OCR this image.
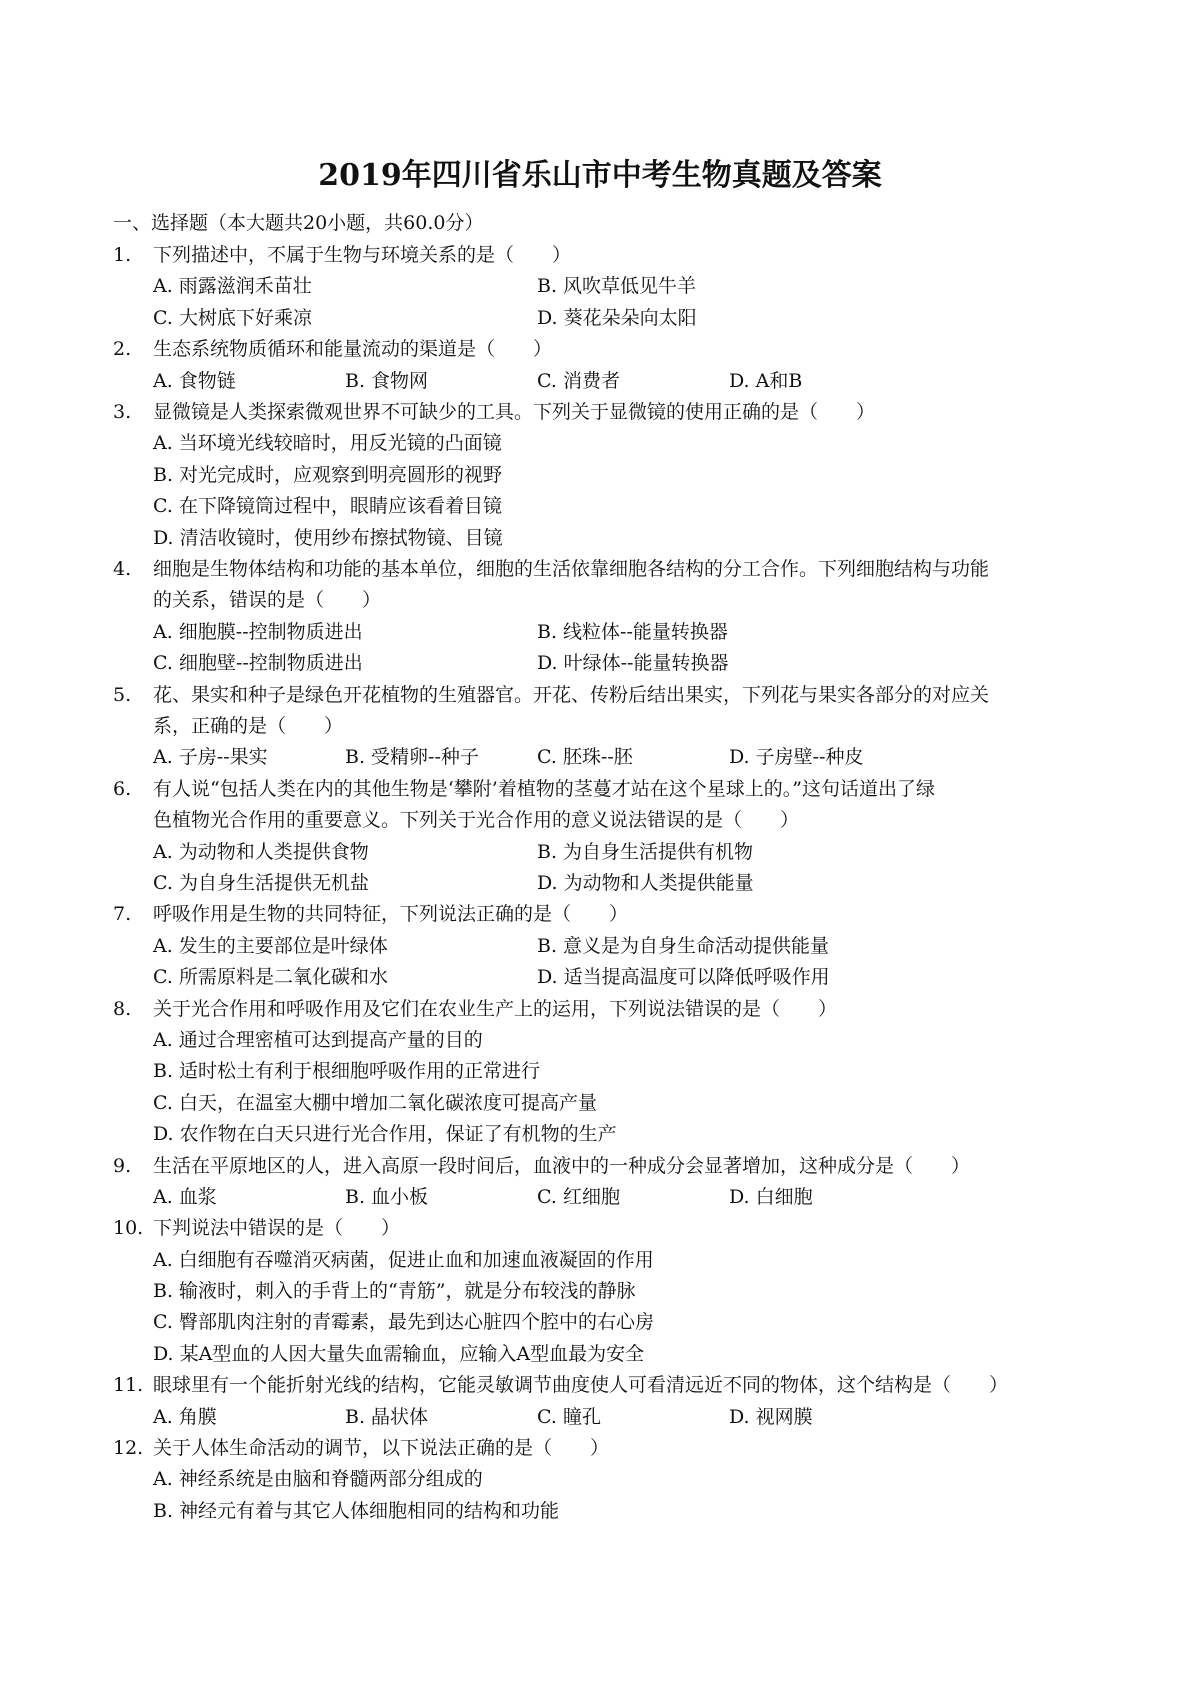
2019年四川省乐山市中考生物真题及答案
一、选择题（本大题共20小题，共60.0分）
1. 下列描述中，不属于生物与环境关系的是（　　）
A. 雨露滋润禾苗壮	B. 风吹草低见牛羊
C. 大树底下好乘凉	D. 葵花朵朵向太阳
2. 生态系统物质循环和能量流动的渠道是（　　）
A. 食物链	B. 食物网	C. 消费者	D. A和B
3. 显微镜是人类探索微观世界不可缺少的工具。下列关于显微镜的使用正确的是（　　）
A. 当环境光线较暗时，用反光镜的凸面镜
B. 对光完成时，应观察到明亮圆形的视野
C. 在下降镜筒过程中，眼睛应该看着目镜
D. 清洁收镜时，使用纱布擦拭物镜、目镜
4. 细胞是生物体结构和功能的基本单位，细胞的生活依靠细胞各结构的分工合作。下列细胞结构与功能
的关系，错误的是（　　）
A. 细胞膜--控制物质进出	B. 线粒体--能量转换器
C. 细胞壁--控制物质进出	D. 叶绿体--能量转换器
5. 花、果实和种子是绿色开花植物的生殖器官。开花、传粉后结出果实，下列花与果实各部分的对应关
系，正确的是（　　）
A. 子房--果实	B. 受精卵--种子	C. 胚珠--胚	D. 子房壁--种皮
6. 有人说“包括人类在内的其他生物是‘攀附’着植物的茎蔓才站在这个星球上的。”这句话道出了绿
色植物光合作用的重要意义。下列关于光合作用的意义说法错误的是（　　）
A. 为动物和人类提供食物	B. 为自身生活提供有机物
C. 为自身生活提供无机盐	D. 为动物和人类提供能量
7. 呼吸作用是生物的共同特征，下列说法正确的是（　　）
A. 发生的主要部位是叶绿体	B. 意义是为自身生命活动提供能量
C. 所需原料是二氧化碳和水	D. 适当提高温度可以降低呼吸作用
8. 关于光合作用和呼吸作用及它们在农业生产上的运用，下列说法错误的是（　　）
A. 通过合理密植可达到提高产量的目的
B. 适时松土有利于根细胞呼吸作用的正常进行
C. 白天，在温室大棚中增加二氧化碳浓度可提高产量
D. 农作物在白天只进行光合作用，保证了有机物的生产
9. 生活在平原地区的人，进入高原一段时间后，血液中的一种成分会显著增加，这种成分是（　　）
A. 血浆	B. 血小板	C. 红细胞	D. 白细胞
10. 下判说法中错误的是（　　）
A. 白细胞有吞噬消灭病菌，促进止血和加速血液凝固的作用
B. 输液时，刺入的手背上的“青筋”，就是分布较浅的静脉
C. 臀部肌肉注射的青霉素，最先到达心脏四个腔中的右心房
D. 某A型血的人因大量失血需输血，应输入A型血最为安全
11. 眼球里有一个能折射光线的结构，它能灵敏调节曲度使人可看清远近不同的物体，这个结构是（　　）
A. 角膜	B. 晶状体	C. 瞳孔	D. 视网膜
12. 关于人体生命活动的调节，以下说法正确的是（　　）
A. 神经系统是由脑和脊髓两部分组成的
B. 神经元有着与其它人体细胞相同的结构和功能
